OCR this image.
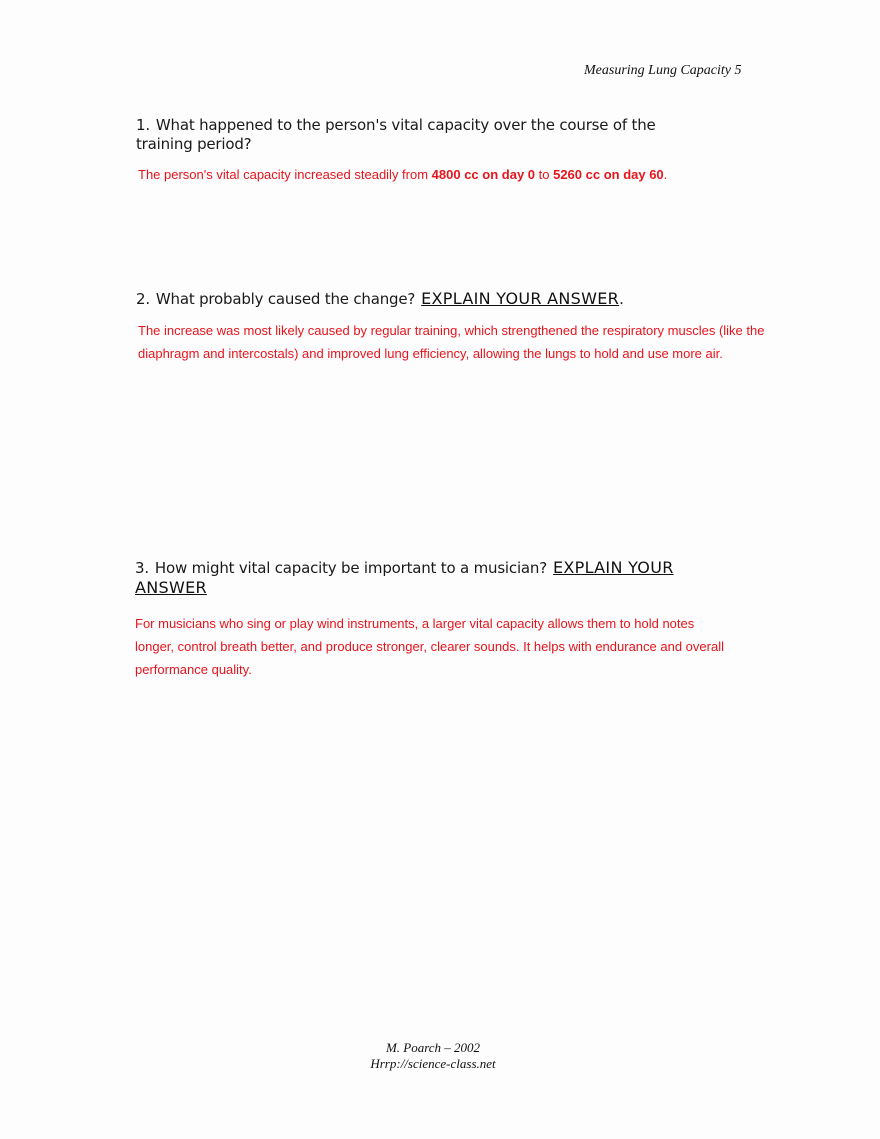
Measuring Lung Capacity 5
1. What happened to the person's vital capacity over the course of the training period?
The person's vital capacity increased steadily from 4800 cc on day 0 to 5260 cc on day 60.
2. What probably caused the change? EXPLAIN YOUR ANSWER.
The increase was most likely caused by regular training, which strengthened the respiratory muscles (like the diaphragm and intercostals) and improved lung efficiency, allowing the lungs to hold and use more air.
3. How might vital capacity be important to a musician? EXPLAIN YOUR
ANSWER
For musicians who sing or play wind instruments, a larger vital capacity allows them to hold notes longer, control breath better, and produce stronger, clearer sounds. It helps with endurance and overall performance quality.
M. Poarch – 2002
Hrrp://science-class.net
